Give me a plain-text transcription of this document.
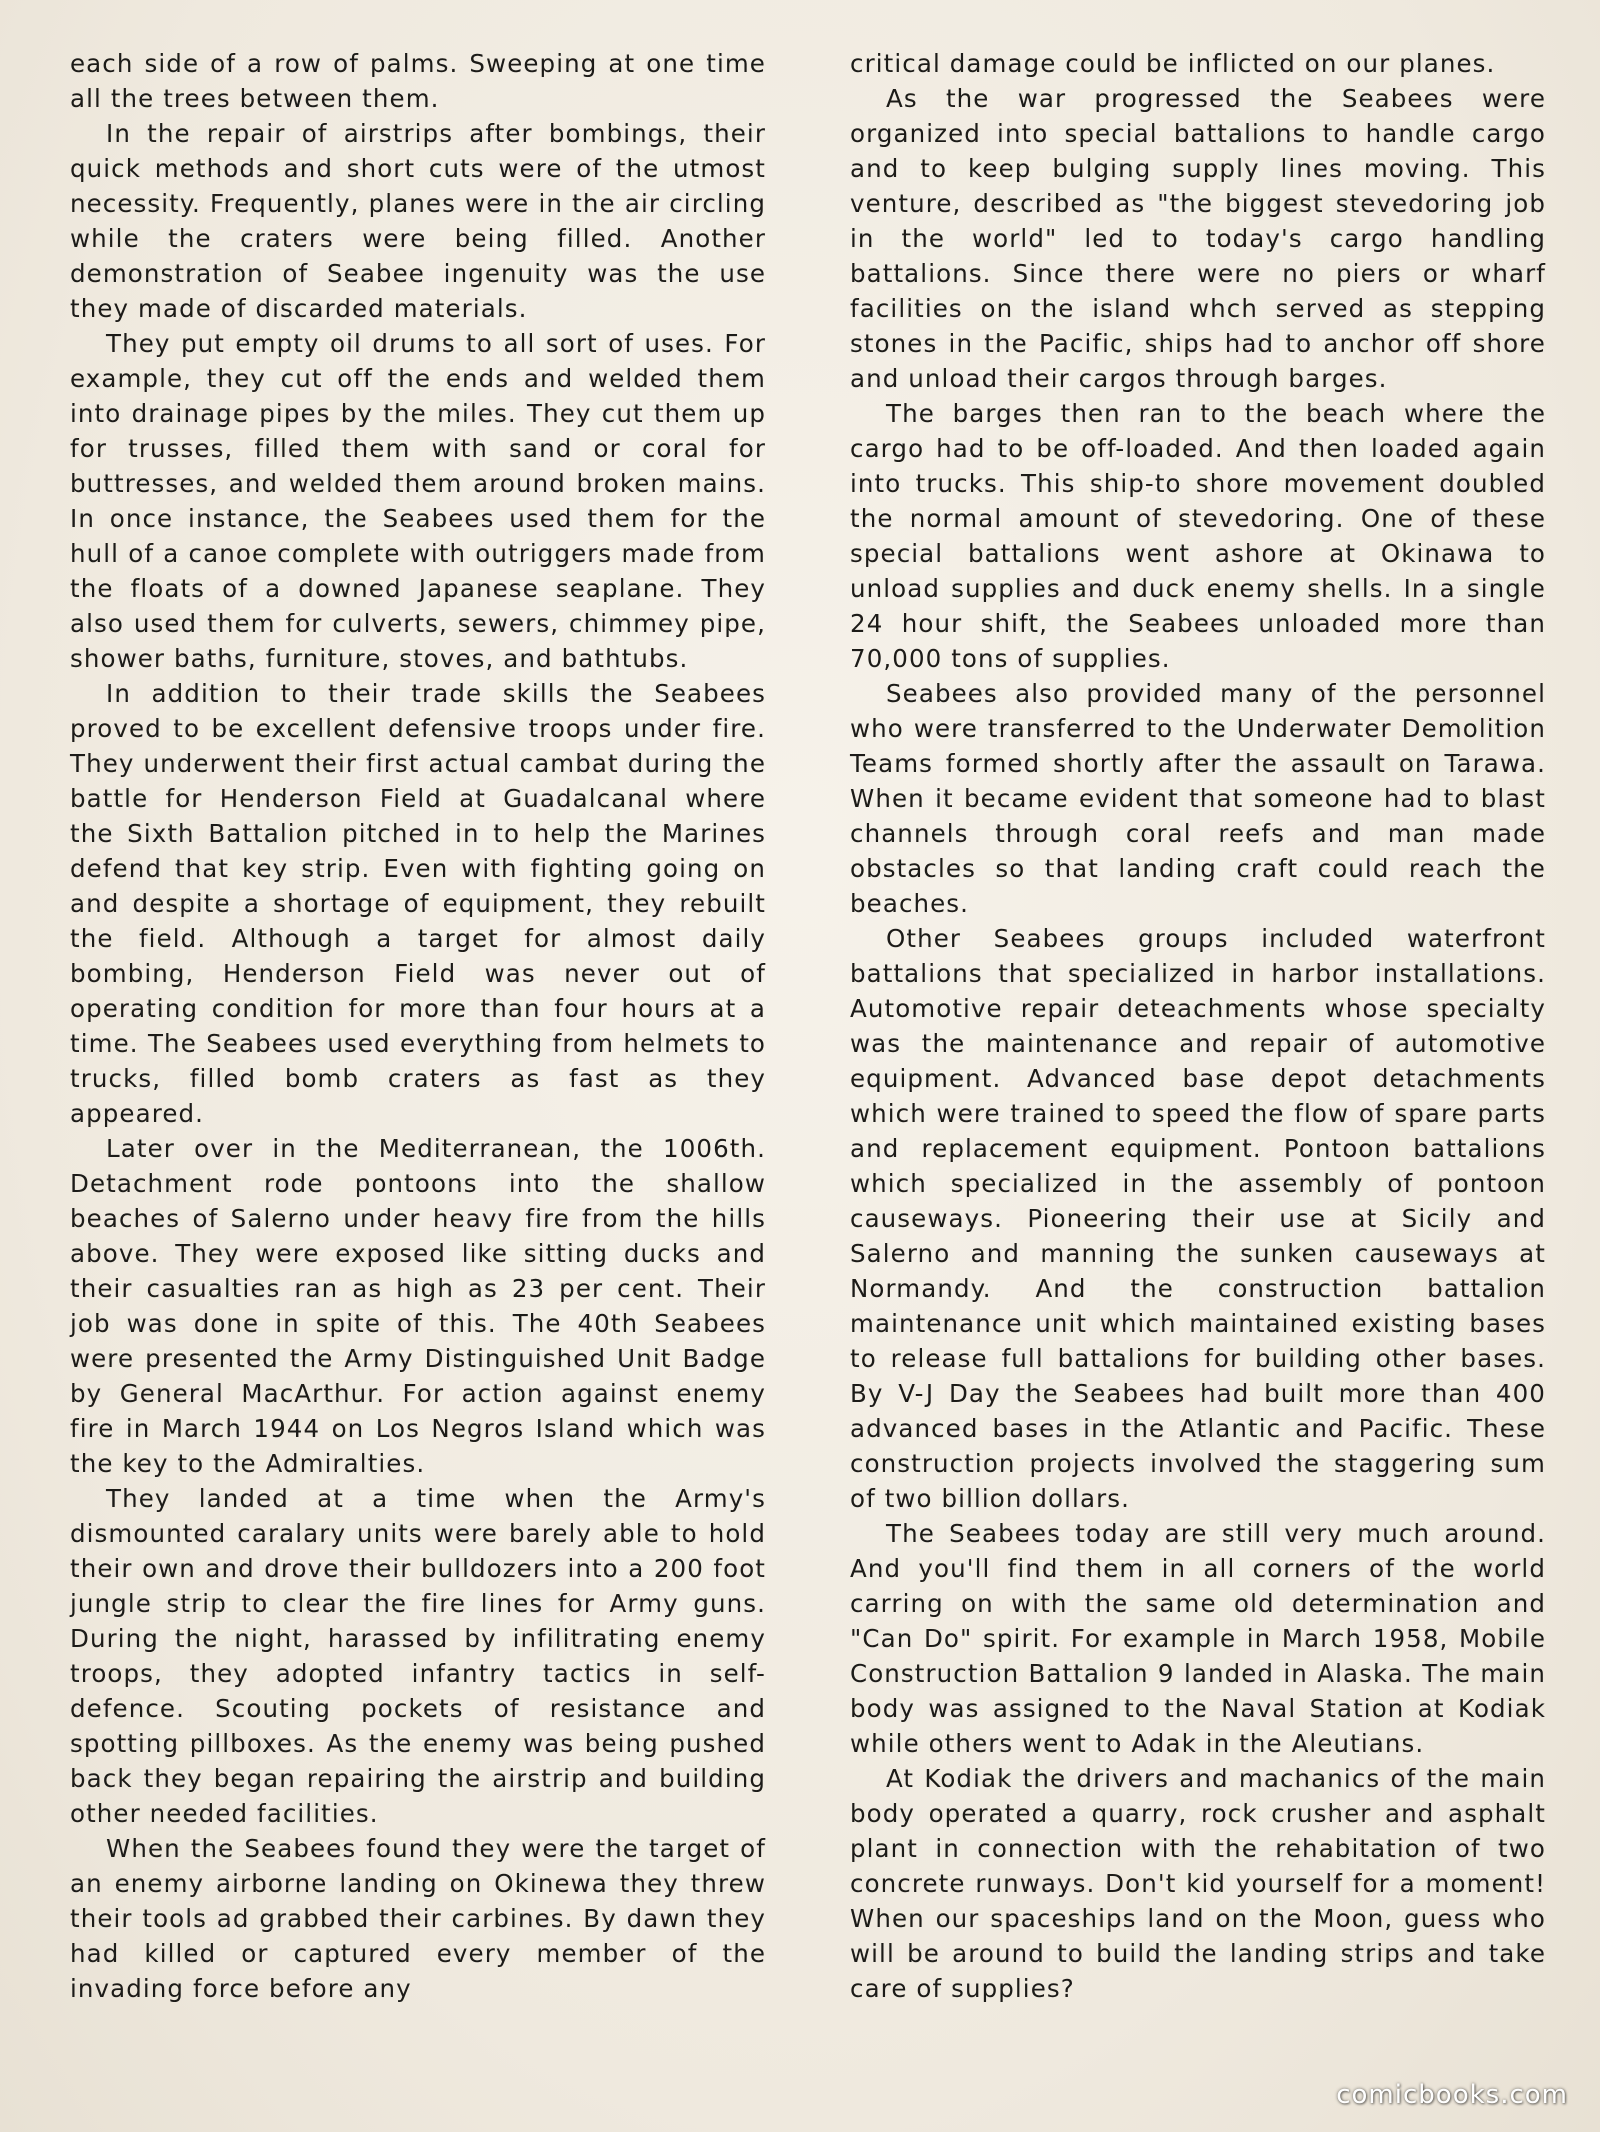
each side of a row of palms. Sweeping at one time all the trees between them.

In the repair of airstrips after bombings, their quick methods and short cuts were of the utmost necessity. Frequently, planes were in the air circling while the craters were being filled. Another demonstration of Seabee ingenuity was the use they made of discarded materials.

They put empty oil drums to all sort of uses. For example, they cut off the ends and welded them into drainage pipes by the miles. They cut them up for trusses, filled them with sand or coral for buttresses, and welded them around broken mains. In once instance, the Seabees used them for the hull of a canoe complete with outriggers made from the floats of a downed Japanese seaplane. They also used them for culverts, sewers, chimmey pipe, shower baths, furniture, stoves, and bathtubs.

In addition to their trade skills the Seabees proved to be excellent defensive troops under fire. They underwent their first actual cambat during the battle for Henderson Field at Guadalcanal where the Sixth Battalion pitched in to help the Marines defend that key strip. Even with fighting going on and despite a shortage of equipment, they rebuilt the field. Although a target for almost daily bombing, Henderson Field was never out of operating condition for more than four hours at a time. The Seabees used everything from helmets to trucks, filled bomb craters as fast as they appeared.

Later over in the Mediterranean, the 1006th. Detachment rode pontoons into the shallow beaches of Salerno under heavy fire from the hills above. They were exposed like sitting ducks and their casualties ran as high as 23 per cent. Their job was done in spite of this. The 40th Seabees were presented the Army Distinguished Unit Badge by General MacArthur. For action against enemy fire in March 1944 on Los Negros Island which was the key to the Admiralties.

They landed at a time when the Army's dismounted caralary units were barely able to hold their own and drove their bulldozers into a 200 foot jungle strip to clear the fire lines for Army guns. During the night, harassed by infilitrating enemy troops, they adopted infantry tactics in self-defence. Scouting pockets of resistance and spotting pillboxes. As the enemy was being pushed back they began repairing the airstrip and building other needed facilities.

When the Seabees found they were the target of an enemy airborne landing on Okinewa they threw their tools ad grabbed their carbines. By dawn they had killed or captured every member of the invading force before any

critical damage could be inflicted on our planes.

As the war progressed the Seabees were organized into special battalions to handle cargo and to keep bulging supply lines moving. This venture, described as "the biggest stevedoring job in the world" led to today's cargo handling battalions. Since there were no piers or wharf facilities on the island whch served as stepping stones in the Pacific, ships had to anchor off shore and unload their cargos through barges.

The barges then ran to the beach where the cargo had to be off-loaded. And then loaded again into trucks. This ship-to shore movement doubled the normal amount of stevedoring. One of these special battalions went ashore at Okinawa to unload supplies and duck enemy shells. In a single 24 hour shift, the Seabees unloaded more than 70,000 tons of supplies.

Seabees also provided many of the personnel who were transferred to the Underwater Demolition Teams formed shortly after the assault on Tarawa. When it became evident that someone had to blast channels through coral reefs and man made obstacles so that landing craft could reach the beaches.

Other Seabees groups included waterfront battalions that specialized in harbor installations. Automotive repair deteachments whose specialty was the maintenance and repair of automotive equipment. Advanced base depot detachments which were trained to speed the flow of spare parts and replacement equipment. Pontoon battalions which specialized in the assembly of pontoon causeways. Pioneering their use at Sicily and Salerno and manning the sunken causeways at Normandy. And the construction battalion maintenance unit which maintained existing bases to release full battalions for building other bases. By V-J Day the Seabees had built more than 400 advanced bases in the Atlantic and Pacific. These construction projects involved the staggering sum of two billion dollars.

The Seabees today are still very much around. And you'll find them in all corners of the world carring on with the same old determination and "Can Do" spirit. For example in March 1958, Mobile Construction Battalion 9 landed in Alaska. The main body was assigned to the Naval Station at Kodiak while others went to Adak in the Aleutians.

At Kodiak the drivers and machanics of the main body operated a quarry, rock crusher and asphalt plant in connection with the rehabitation of two concrete runways. Don't kid yourself for a moment! When our spaceships land on the Moon, guess who will be around to build the landing strips and take care of supplies?

comicbooks.com
